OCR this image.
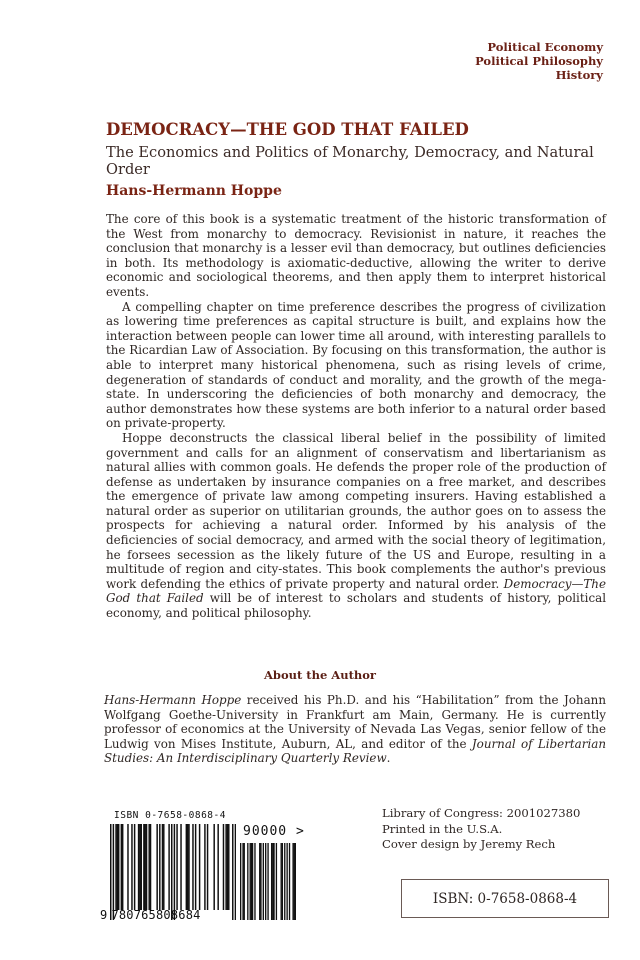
Political Economy
Political Philosophy
History
DEMOCRACY—THE GOD THAT FAILED
The Economics and Politics of Monarchy, Democracy, and Natural Order
Hans-Hermann Hoppe

The core of this book is a systematic treatment of the historic transformation of the West from monarchy to democracy. Revisionist in nature, it reaches the conclusion that monarchy is a lesser evil than democracy, but outlines deficiencies in both. Its methodology is axiomatic-deductive, allowing the writer to derive economic and sociological theorems, and then apply them to interpret historical events.

A compelling chapter on time preference describes the progress of civilization as lowering time preferences as capital structure is built, and explains how the interaction between people can lower time all around, with interesting parallels to the Ricardian Law of Association. By focusing on this transformation, the author is able to interpret many historical phenomena, such as rising levels of crime, degeneration of standards of conduct and morality, and the growth of the mega-state. In underscoring the deficiencies of both monarchy and democracy, the author demonstrates how these systems are both inferior to a natural order based on private-property.

Hoppe deconstructs the classical liberal belief in the possibility of limited government and calls for an alignment of conservatism and libertarianism as natural allies with common goals. He defends the proper role of the production of defense as undertaken by insurance companies on a free market, and describes the emergence of private law among competing insurers. Having established a natural order as superior on utilitarian grounds, the author goes on to assess the prospects for achieving a natural order. Informed by his analysis of the deficiencies of social democracy, and armed with the social theory of legitimation, he forsees secession as the likely future of the US and Europe, resulting in a multitude of region and city-states. This book complements the author's previous work defending the ethics of private property and natural order. Democracy—The God that Failed will be of interest to scholars and students of history, political economy, and political philosophy.

About the Author

Hans-Hermann Hoppe received his Ph.D. and his “Habilitation” from the Johann Wolfgang Goethe-University in Frankfurt am Main, Germany. He is currently professor of economics at the University of Nevada Las Vegas, senior fellow of the Ludwig von Mises Institute, Auburn, AL, and editor of the Journal of Libertarian Studies: An Interdisciplinary Quarterly Review.

ISBN 0-7658-0868-4
90000 >
9 780765808684
Library of Congress: 2001027380
Printed in the U.S.A.
Cover design by Jeremy Rech
ISBN: 0-7658-0868-4
